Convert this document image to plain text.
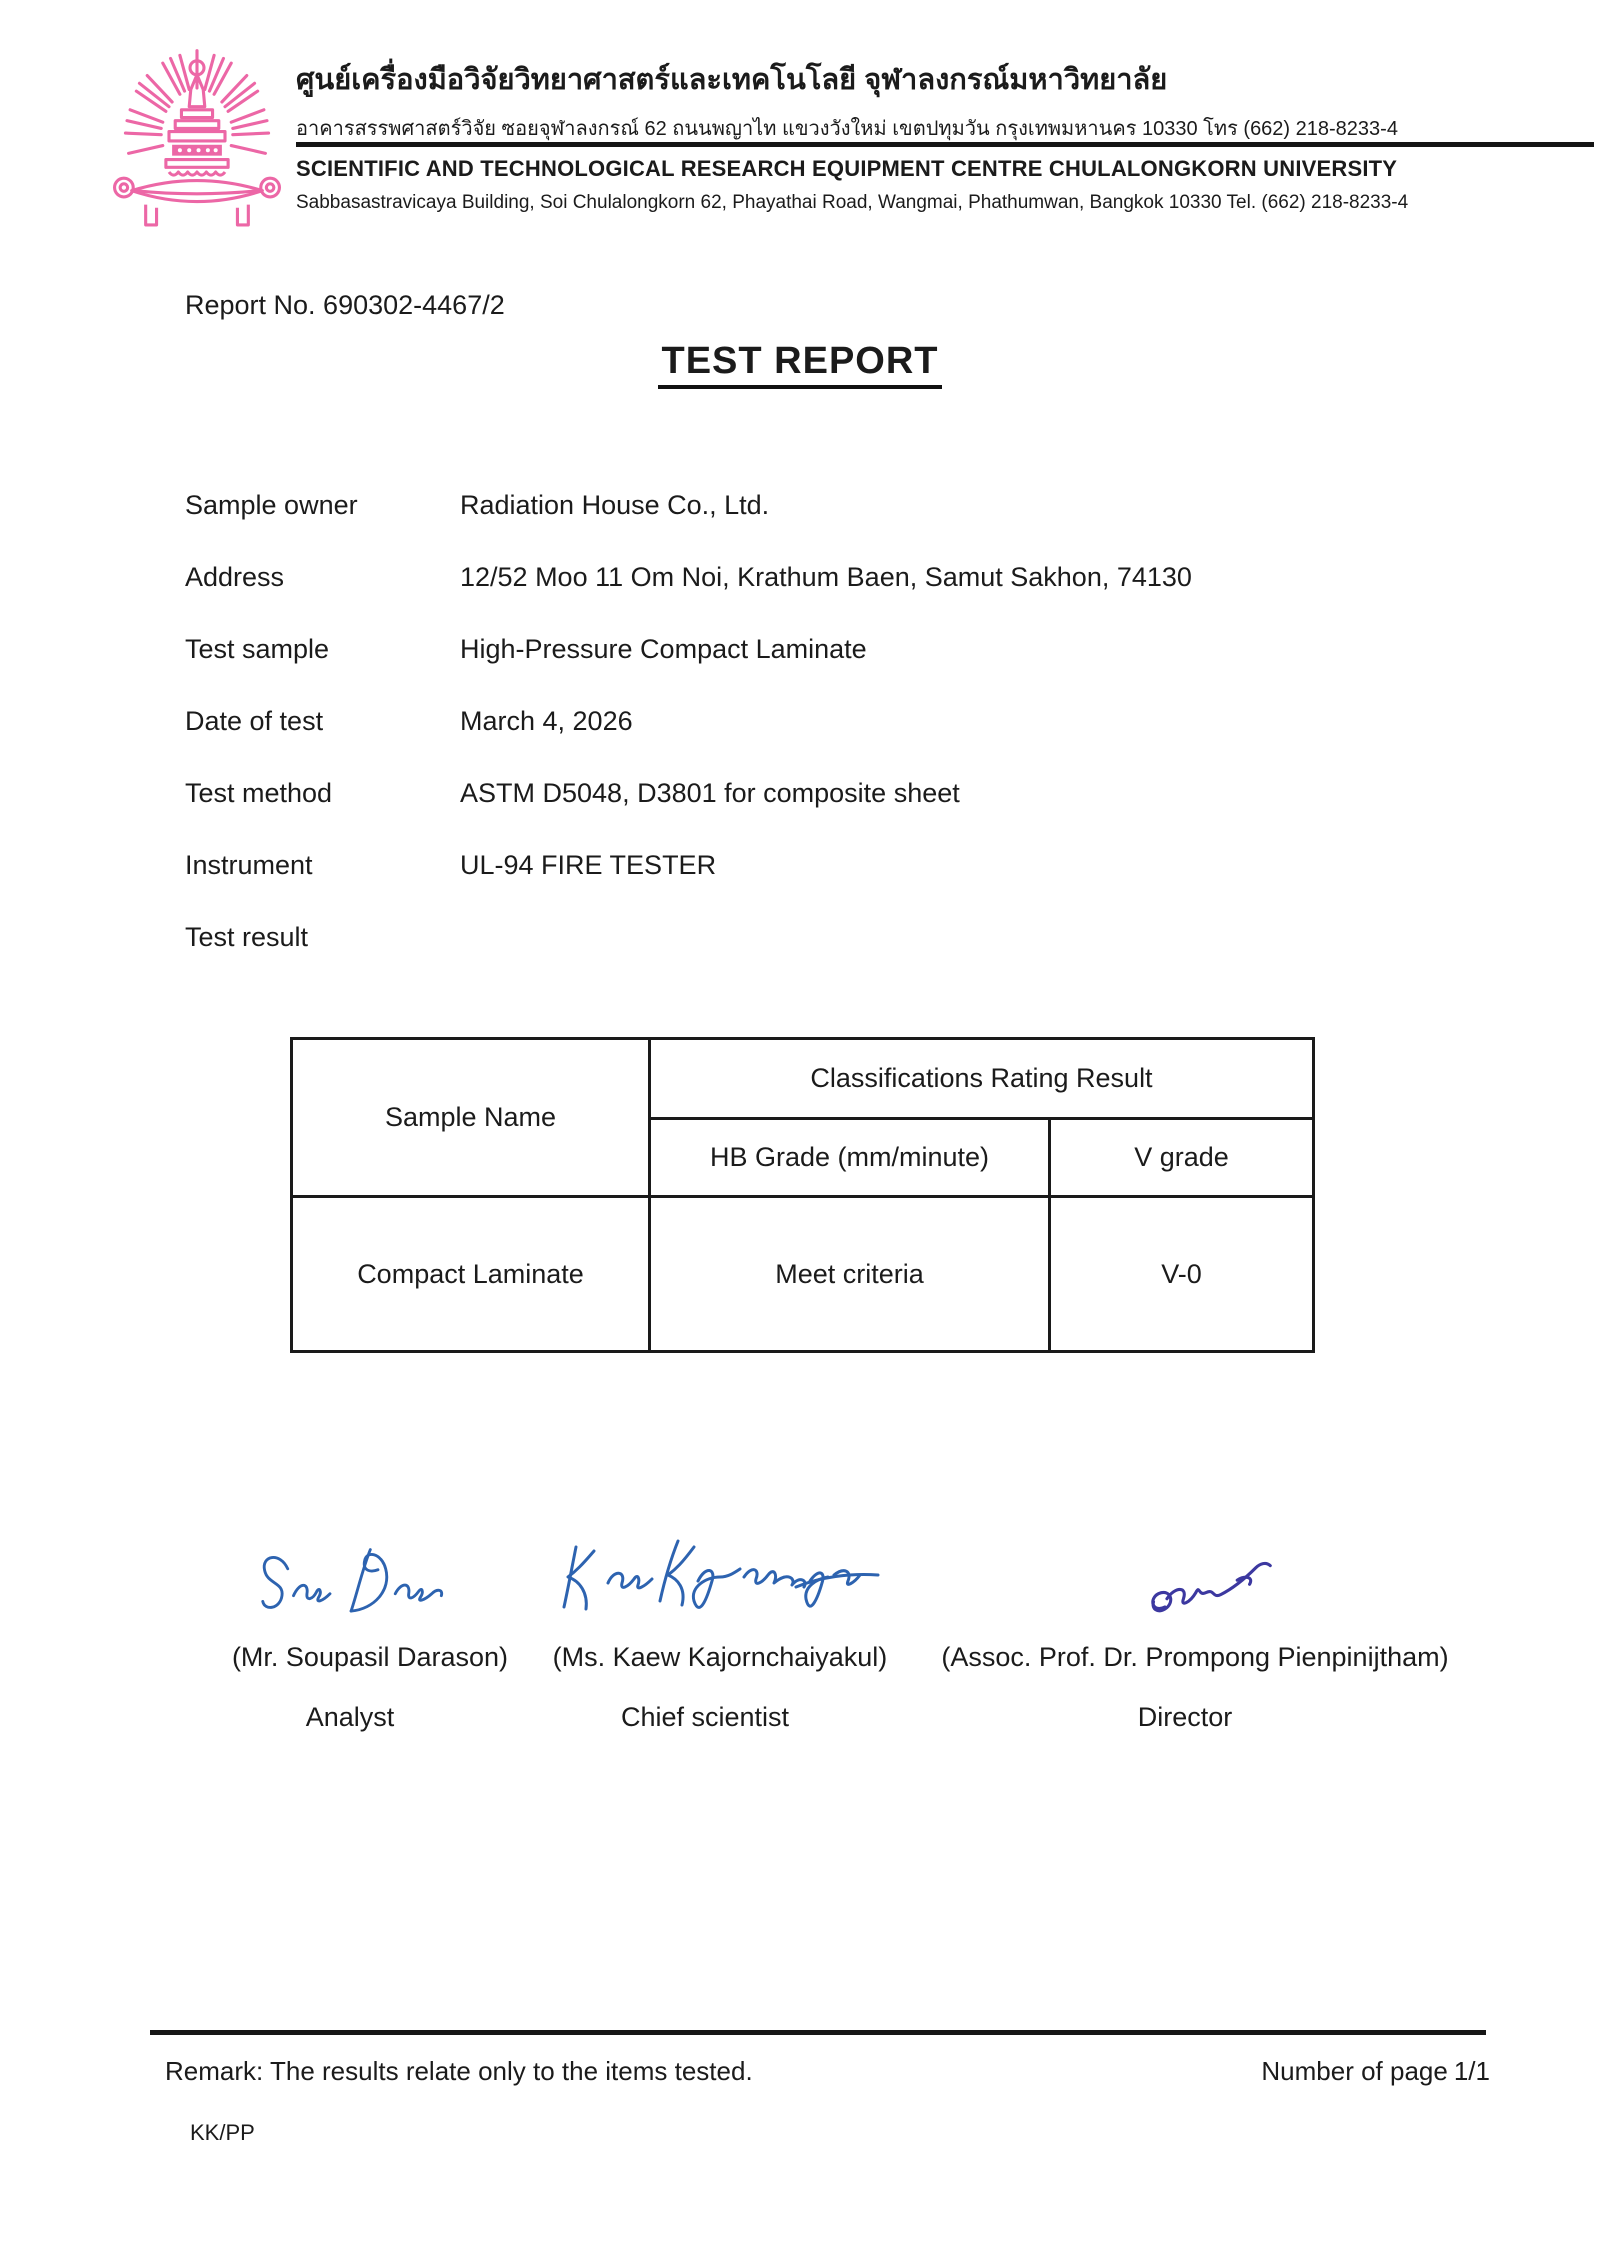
ศูนย์เครื่องมือวิจัยวิทยาศาสตร์และเทคโนโลยี จุฬาลงกรณ์มหาวิทยาลัย
อาคารสรรพศาสตร์วิจัย ซอยจุฬาลงกรณ์ 62 ถนนพญาไท แขวงวังใหม่ เขตปทุมวัน กรุงเทพมหานคร 10330 โทร (662) 218-8233-4
SCIENTIFIC AND TECHNOLOGICAL RESEARCH EQUIPMENT CENTRE CHULALONGKORN UNIVERSITY
Sabbasastravicaya Building, Soi Chulalongkorn 62, Phayathai Road, Wangmai, Phathumwan, Bangkok 10330 Tel. (662) 218-8233-4
Report No. 690302-4467/2
TEST REPORT
Sample owner	Radiation House Co., Ltd.
Address	12/52 Moo 11 Om Noi, Krathum Baen, Samut Sakhon, 74130
Test sample	High-Pressure Compact Laminate
Date of test	March 4, 2026
Test method	ASTM D5048, D3801 for composite sheet
Instrument	UL-94 FIRE TESTER
Test result
Sample Name	Classifications Rating Result	
	HB Grade (mm/minute)	V grade
Compact Laminate	Meet criteria	V-0
(Mr. Soupasil Darason)	(Ms. Kaew Kajornchaiyakul)	(Assoc. Prof. Dr. Prompong Pienpinijtham)
Analyst	Chief scientist	Director
Remark: The results relate only to the items tested.	Number of page 1/1
KK/PP
